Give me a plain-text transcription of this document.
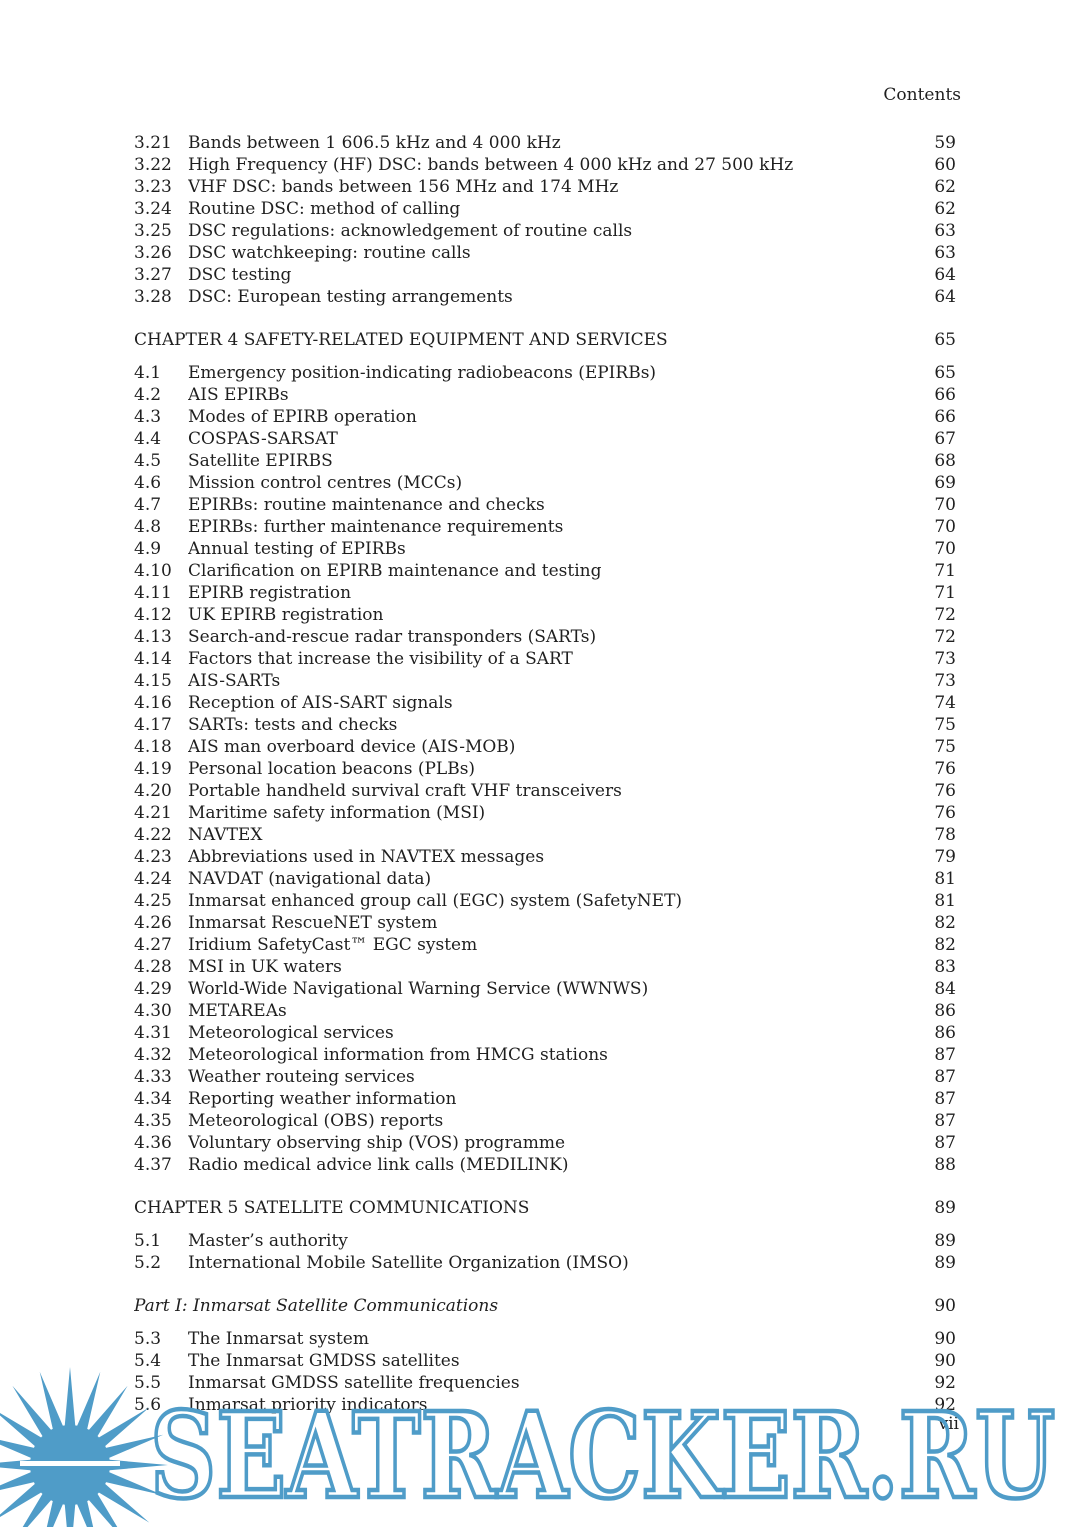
Contents
3.21 Bands between 1 606.5 kHz and 4 000 kHz	59
3.22 High Frequency (HF) DSC: bands between 4 000 kHz and 27 500 kHz	60
3.23 VHF DSC: bands between 156 MHz and 174 MHz	62
3.24 Routine DSC: method of calling	62
3.25 DSC regulations: acknowledgement of routine calls	63
3.26 DSC watchkeeping: routine calls	63
3.27 DSC testing	64
3.28 DSC: European testing arrangements	64
CHAPTER 4 SAFETY-RELATED EQUIPMENT AND SERVICES	65
4.1	Emergency position-indicating radiobeacons (EPIRBs)	65
4.2	AIS EPIRBs	66
4.3	Modes of EPIRB operation	66
4.4	COSPAS-SARSAT	67
4.5	Satellite EPIRBS	68
4.6	Mission control centres (MCCs)	69
4.7	EPIRBs: routine maintenance and checks	70
4.8	EPIRBs: further maintenance requirements	70
4.9	Annual testing of EPIRBs	70
4.10 Clarification on EPIRB maintenance and testing	71
4.11 EPIRB registration	71
4.12 UK EPIRB registration	72
4.13 Search-and-rescue radar transponders (SARTs)	72
4.14 Factors that increase the visibility of a SART	73
4.15 AIS-SARTs	73
4.16 Reception of AIS-SART signals	74
4.17 SARTs: tests and checks	75
4.18 AIS man overboard device (AIS-MOB)	75
4.19 Personal location beacons (PLBs)	76
4.20 Portable handheld survival craft VHF transceivers	76
4.21 Maritime safety information (MSI)	76
4.22 NAVTEX	78
4.23 Abbreviations used in NAVTEX messages	79
4.24 NAVDAT (navigational data)	81
4.25 Inmarsat enhanced group call (EGC) system (SafetyNET)	81
4.26 Inmarsat RescueNET system	82
4.27 Iridium SafetyCast™ EGC system	82
4.28 MSI in UK waters	83
4.29 World-Wide Navigational Warning Service (WWNWS)	84
4.30 METAREAs	86
4.31 Meteorological services	86
4.32 Meteorological information from HMCG stations	87
4.33 Weather routeing services	87
4.34 Reporting weather information	87
4.35 Meteorological (OBS) reports	87
4.36 Voluntary observing ship (VOS) programme	87
4.37 Radio medical advice link calls (MEDILINK)	88
CHAPTER 5 SATELLITE COMMUNICATIONS	89
5.1	Master’s authority	89
5.2	International Mobile Satellite Organization (IMSO)	89
Part I: Inmarsat Satellite Communications	90
5.3	The Inmarsat system	90
5.4	The Inmarsat GMDSS satellites	90
5.5	Inmarsat GMDSS satellite frequencies	92
5.6	Inmarsat priority indicators	92
vii
SEATRACKER.RU
